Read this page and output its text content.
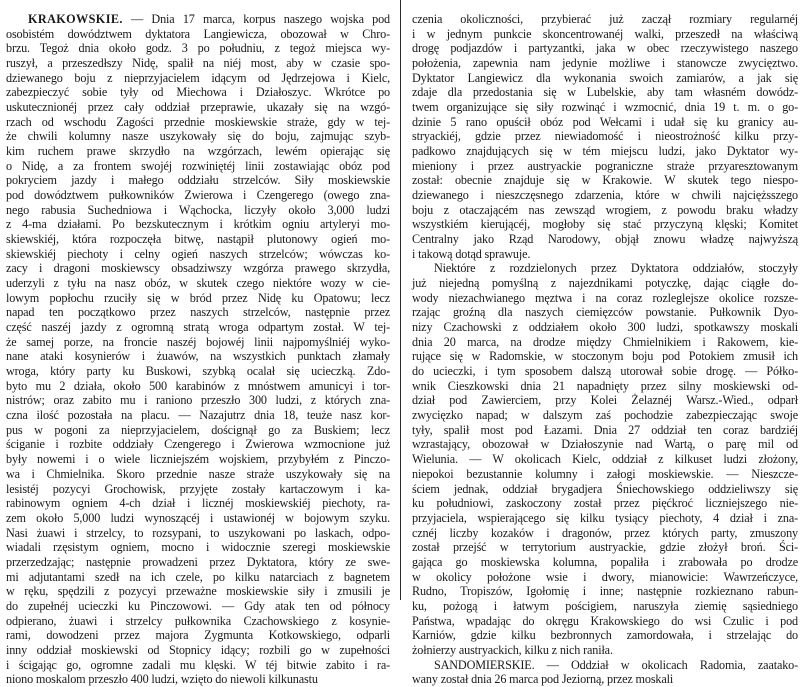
KRAKOWSKIE. — Dnia 17 marca, korpus naszego wojska pod
osobistém dowództwem dyktatora Langiewicza, obozował w Chro-
brzu. Tegoż dnia około godz. 3 po południu, z tegoż miejsca wy-
ruszył, a przeszedłszy Nidę, spalił na niéj most, aby w czasie spo-
dziewanego boju z nieprzyjacielem idącym od Jędrzejowa i Kielc,
zabezpieczyć sobie tyły od Miechowa i Działoszyc. Wkrótce po
uskutecznionéj przez cały oddział przeprawie, ukazały się na wzgó-
rzach od wschodu Zagości przednie moskiewskie straże, gdy w tej-
że chwili kolumny nasze uszykowały się do boju, zajmując szyb-
kim ruchem prawe skrzydło na wzgórzach, lewém opierając się
o Nidę, a za frontem swojéj rozwiniętéj linii zostawiając obóz pod
pokryciem jazdy i małego oddziału strzelców. Siły moskiewskie
pod dowództwem pułkowników Zwierowa i Czengerego (owego zna-
nego rabusia Suchedniowa i Wąchocka, liczyły około 3,000 ludzi
z 4-ma działami. Po bezskutecznym i krótkim ogniu artyleryi mo-
skiewskiéj, która rozpoczęła bitwę, nastąpił plutonowy ogień mo-
skiewskiéj piechoty i celny ogień naszych strzelców; wówczas ko-
zacy i dragoni moskiewscy obsadziwszy wzgórza prawego skrzydła,
uderzyli z tyłu na nasz obóz, w skutek czego niektóre wozy w cie-
lowym popłochu rzuciły się w bród przez Nidę ku Opatowu; lecz
napad ten początkowo przez naszych strzelców, następnie przez
część naszéj jazdy z ogromną stratą wroga odpartym został. W tej-
że samej porze, na froncie naszéj bojowéj linii najpomyślniéj wyko-
nane ataki kosynierów i żuawów, na wszystkich punktach złamały
wroga, który party ku Buskowi, szybką ocalał się ucieczką. Zdo-
byto mu 2 działa, około 500 karabinów z mnóstwem amunicyi i tor-
nistrów; oraz zabito mu i raniono przeszło 300 ludzi, z których zna-
czna ilość pozostała na placu. — Nazajutrz dnia 18, teuże nasz kor-
pus w pogoni za nieprzyjacielem, doścignął go za Buskiem; lecz
ściganie i rozbite oddziały Czengerego i Zwierowa wzmocnione już
były nowemi i o wiele liczniejszém wojskiem, przybyłém z Pinczo-
wa i Chmielnika. Skoro przednie nasze straże uszykowały się na
lesistéj pozycyi Grochowisk, przyjęte zostały kartaczowym i ka-
rabinowym ogniem 4-ch dział i licznéj moskiewskiéj piechoty, ra-
zem około 5,000 ludzi wynoszącéj i ustawionéj w bojowym szyku.
Nasi żuawi i strzelcy, to rozsypani, to uszykowani po laskach, odpo-
wiadali rzęsistym ogniem, mocno i widocznie szeregi moskiewskie
przerzedzając; następnie prowadzeni przez Dyktatora, który ze swe-
mi adjutantami szedł na ich czele, po kilku natarciach z bagnetem
w ręku, spędzili z pozycyi przeważne moskiewskie siły i zmusili je
do zupełnéj ucieczki ku Pinczowowi. — Gdy atak ten od północy
odpierano, żuawi i strzelcy pułkownika Czachowskiego z kosynie-
rami, dowodzeni przez majora Zygmunta Kotkowskiego, odparli
inny oddział moskiewski od Stopnicy idący; rozbili go w zupełności
i ścigając go, ogromne zadali mu klęski. W téj bitwie zabito i ra-
niono moskalom przeszło 400 ludzi, wzięto do niewoli kilkunastu
czenia okoliczności, przybierać już zaczął rozmiary regularnéj
i w jednym punkcie skoncentrowanéj walki, przeszedł na właściwą
drogę podjazdów i partyzantki, jaka w obec rzeczywistego naszego
położenia, zapewnia nam jedynie możliwe i stanowcze zwycięztwo.
Dyktator Langiewicz dla wykonania swoich zamiarów, a jak się
zdaje dla przedostania się w Lubelskie, aby tam własném dowódz-
twem organizujące się siły rozwinąć i wzmocnić, dnia 19 t. m. o go-
dzinie 5 rano opuścił obóz pod Wełcami i udał się ku granicy au-
stryackiéj, gdzie przez niewiadomość i nieostrożność kilku przy-
padkowo znajdujących się w tém miejscu ludzi, jako Dyktator wy-
mieniony i przez austryackie pograniczne straże przyaresztowanym
został: obecnie znajduje się w Krakowie. W skutek tego niespo-
dziewanego i nieszczęsnego zdarzenia, które w chwili najciężsszego
boju z otaczającém nas zewsząd wrogiem, z powodu braku władzy
wszystkiém kierującéj, mogłoby się stać przyczyną klęski; Komitet
Centralny jako Rząd Narodowy, objął znowu władzę najwyższą
i takową dotąd sprawuje.
Niektóre z rozdzielonych przez Dyktatora oddziałów, stoczyły
już niejedną pomyślną z najezdnikami potyczkę, dając ciągłe do-
wody niezachwianego męztwa i na coraz rozleglejsze okolice rozsze-
rzając groźną dla naszych ciemięzców powstanie. Pułkownik Dyo-
nizy Czachowski z oddziałem około 300 ludzi, spotkawszy moskali
dnia 20 marca, na drodze między Chmielnikiem i Rakowem, kie-
rujące się w Radomskie, w stoczonym boju pod Potokiem zmusił ich
do ucieczki, i tym sposobem dalszą utorował sobie drogę. — Półko-
wnik Cieszkowski dnia 21 napadnięty przez silny moskiewski od-
dział pod Zawierciem, przy Kolei Żelaznéj Warsz.-Wied., odparł
zwycięzko napad; w dalszym zaś pochodzie zabezpieczając swoje
tyły, spalił most pod Łazami. Dnia 27 oddział ten coraz bardziéj
wzrastający, obozował w Działoszynie nad Wartą, o parę mil od
Wielunia. — W okolicach Kielc, oddział z kilkuset ludzi złożony,
niepokoi bezustannie kolumny i załogi moskiewskie. — Nieszcze-
ściem jednak, oddział brygadjera Śniechowskiego oddzieliwszy się
ku południowi, zaskoczony został przez pięćkroć liczniejszego nie-
przyjaciela, wspierającego się kilku tysiący piechoty, 4 dział i zna-
cznéj liczby kozaków i dragonów, przez których party, zmuszony
został przejść w terrytorium austryackie, gdzie złożył broń. Ści-
gająca go moskiewska kolumna, popaliła i zrabowała po drodze
w okolicy położone wsie i dwory, mianowicie: Wawrzeńczyce,
Rudno, Tropiszów, Igołomię i inne; następnie rozkieznano rabun-
ku, pożogą i łatwym pościgiem, naruszyła ziemię sąsiedniego
Państwa, wpadając do okręgu Krakowskiego do wsi Czulic i pod
Karniów, gdzie kilku bezbronnych zamordowała, i strzelając do
żołnierzy austryackich, kilku z nich raniła.
SANDOMIERSKIE. — Oddział w okolicach Radomia, zaatako-
wany został dnia 26 marca pod Jeziorną, przez moskali
